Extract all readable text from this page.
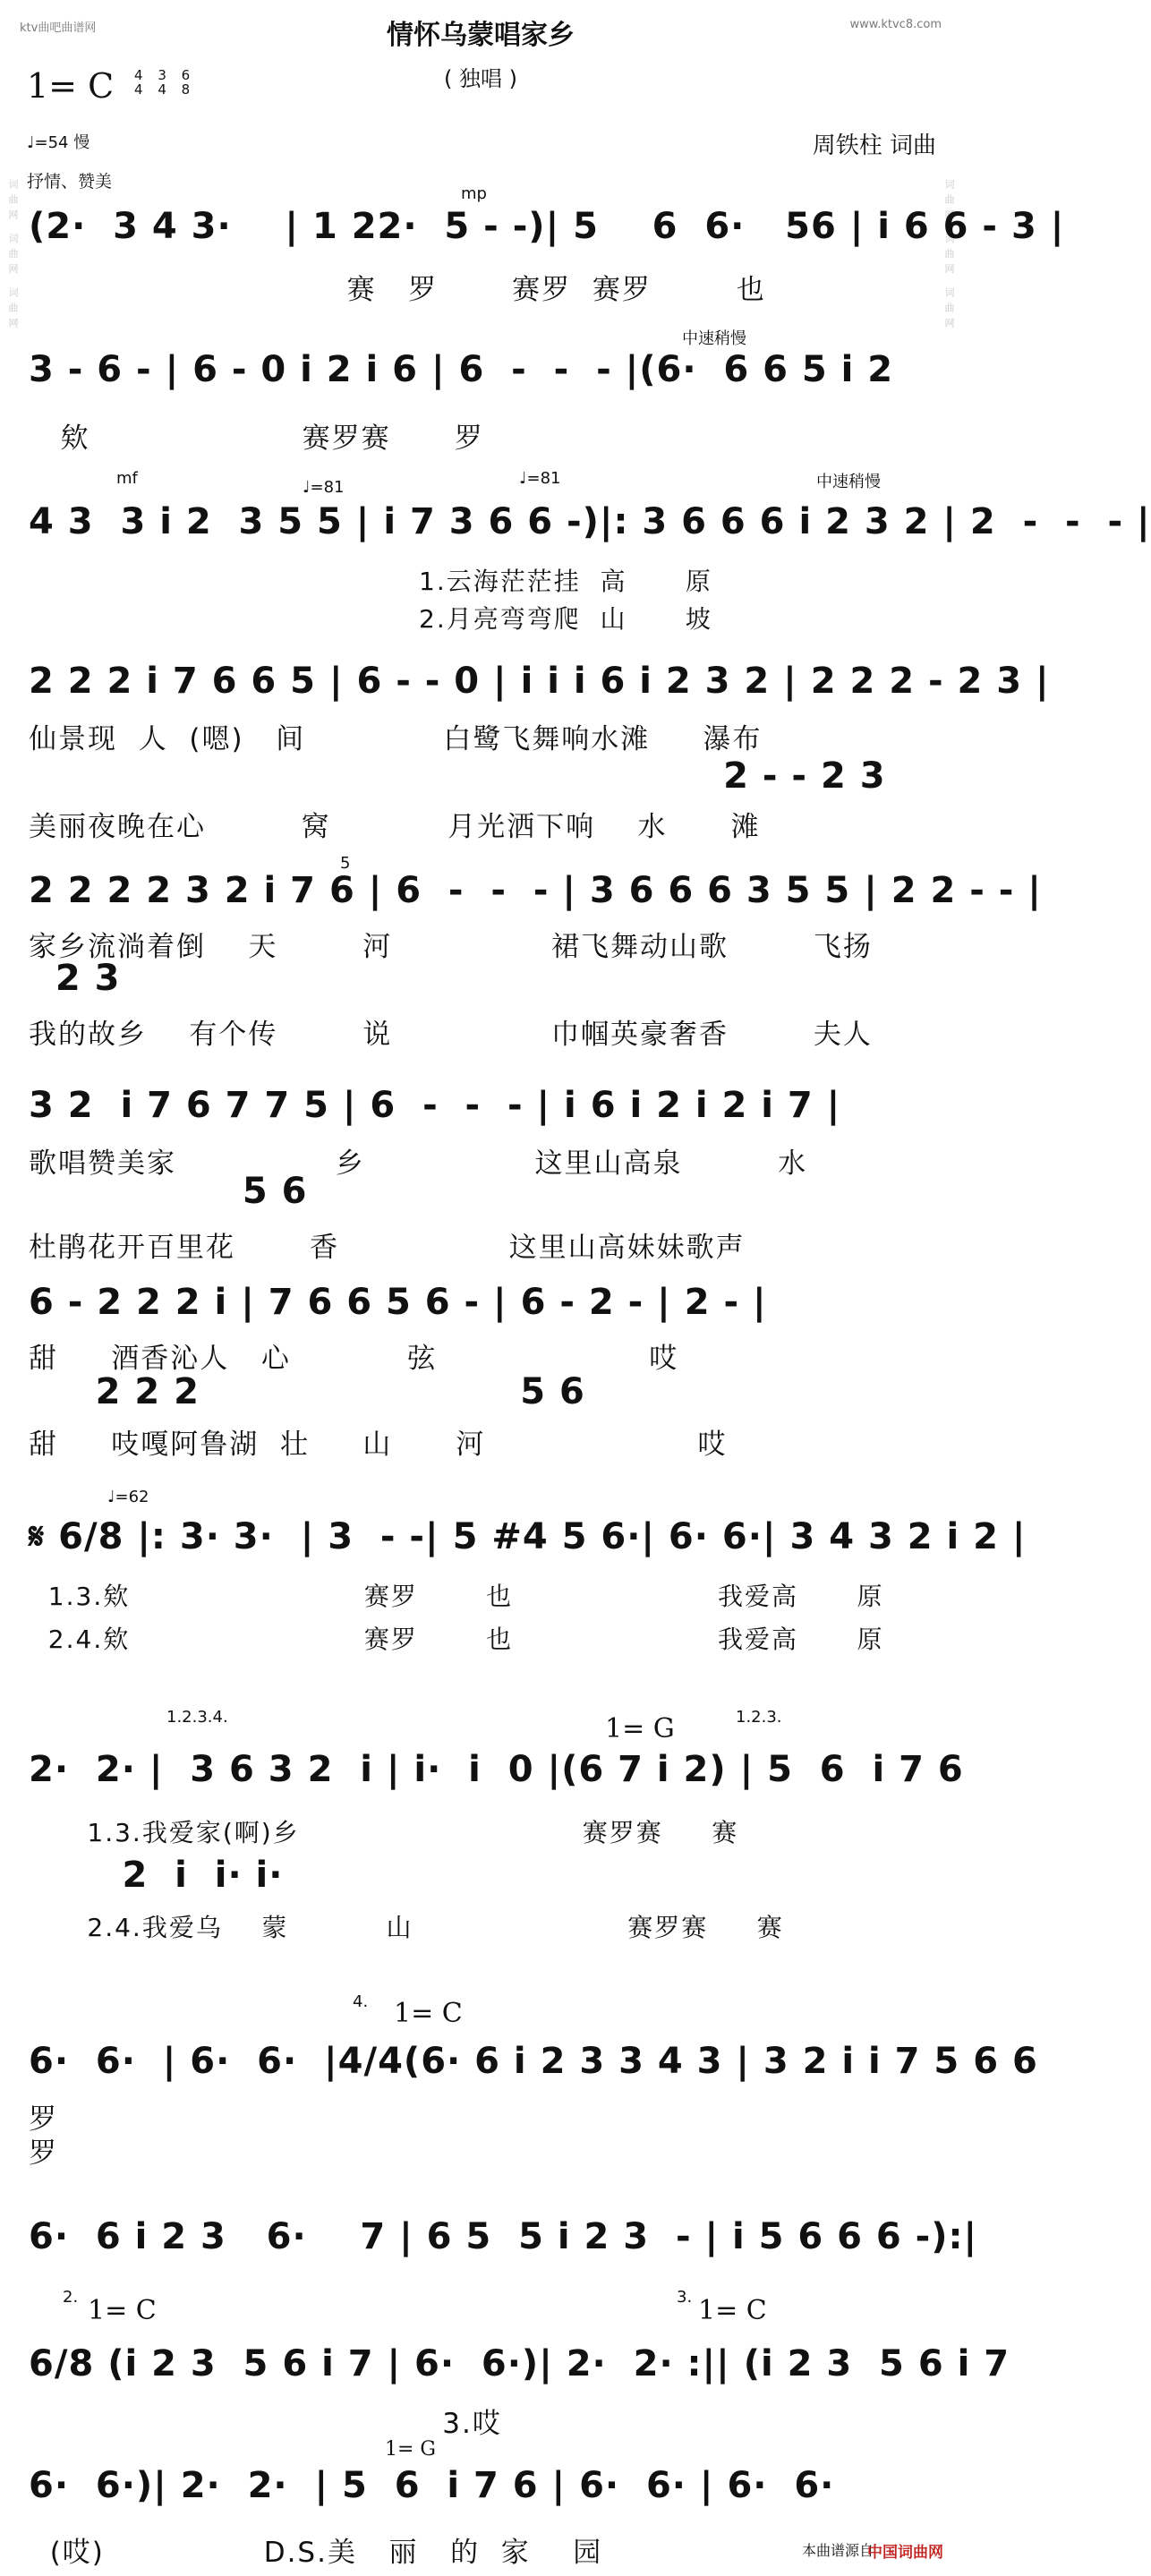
ktv曲吧曲谱网	www.ktvc8.com
情怀乌蒙唱家乡
( 独唱 )
1= C 4
4 3
4 6
8
♩=54 慢
抒情、赞美
周铁柱 词曲
词曲网 词曲网 词曲网	词曲网 词曲网 词曲网
mp
(2·  3 4 3·    | 1 22·  5 - -)| 5    6  6·   56 | i 6 6 - 3 |
赛   罗       赛罗  赛罗        也
中速稍慢
3 - 6 - | 6 - 0 i 2 i 6 | 6  -  -  - |(6·  6 6 5 i 2
欸                    赛罗赛      罗
mf	♩=81	♩=81	中速稍慢
4 3  3 i 2  3 5 5 | i 7 3 6 6 -)|: 3 6 6 6 i 2 3 2 | 2  -  -  - |
1.云海茫茫挂  高      原
2.月亮弯弯爬  山      坡
2 2 2 i 7 6 6 5 | 6 - - 0 | i i i 6 i 2 3 2 | 2 2 2 - 2 3 |
仙景现  人  (嗯)   间             白鹭飞舞响水滩     瀑布
2 - - 2 3
美丽夜晚在心         窝           月光洒下响    水      滩
5
2 2 2 2 3 2 i 7 6 | 6  -  -  - | 3 6 6 6 3 5 5 | 2 2 - - |
家乡流淌着倒    天        河               裙飞舞动山歌        飞扬
2 3
我的故乡    有个传        说               巾帼英豪奢香        夫人
3 2  i 7 6 7 7 5 | 6  -  -  - | i 6 i 2 i 2 i 7 |
歌唱赞美家               乡                这里山高泉         水
5 6
杜鹃花开百里花       香                这里山高妹妹歌声
6 - 2 2 2 i | 7 6 6 5 6 - | 6 - 2 - | 2 - |
甜     酒香沁人   心           弦                    哎
2 2 2                        5 6
甜     吱嘎阿鲁湖  壮     山      河                    哎
♩=62
𝄋 6/8 |: 3· 3·  | 3  - -| 5 #4 5 6·| 6· 6·| 3 4 3 2 i 2 |
1.3.欸                        赛罗       也                     我爱高      原
2.4.欸                        赛罗       也                     我爱高      原
1.2.3.4.	1.2.3.
1= G
2·  2· |  3 6 3 2  i | i·  i  0 |(6 7 i 2) | 5  6  i 7 6
1.3.我爱家(啊)乡                             赛罗赛     赛
2  i  i· i·
2.4.我爱乌    蒙          山                      赛罗赛     赛
4. 1= C
6·  6·  | 6·  6·  |4/4(6· 6 i 2 3 3 4 3 | 3 2 i i 7 5 6 6
罗
罗
6·  6 i 2 3   6·    7 | 6 5  5 i 2 3  - | i 5 6 6 6 -):|
2.	3.
1= C	1= C
6/8 (i 2 3  5 6 i 7 | 6·  6·)| 2·  2· :|| (i 2 3  5 6 i 7
3.哎
1= G
6·  6·)| 2·  2·  | 5  6  i 7 6 | 6·  6· | 6·  6·
(哎)               D.S.美   丽   的  家    园	本曲谱源自
中国词曲网
